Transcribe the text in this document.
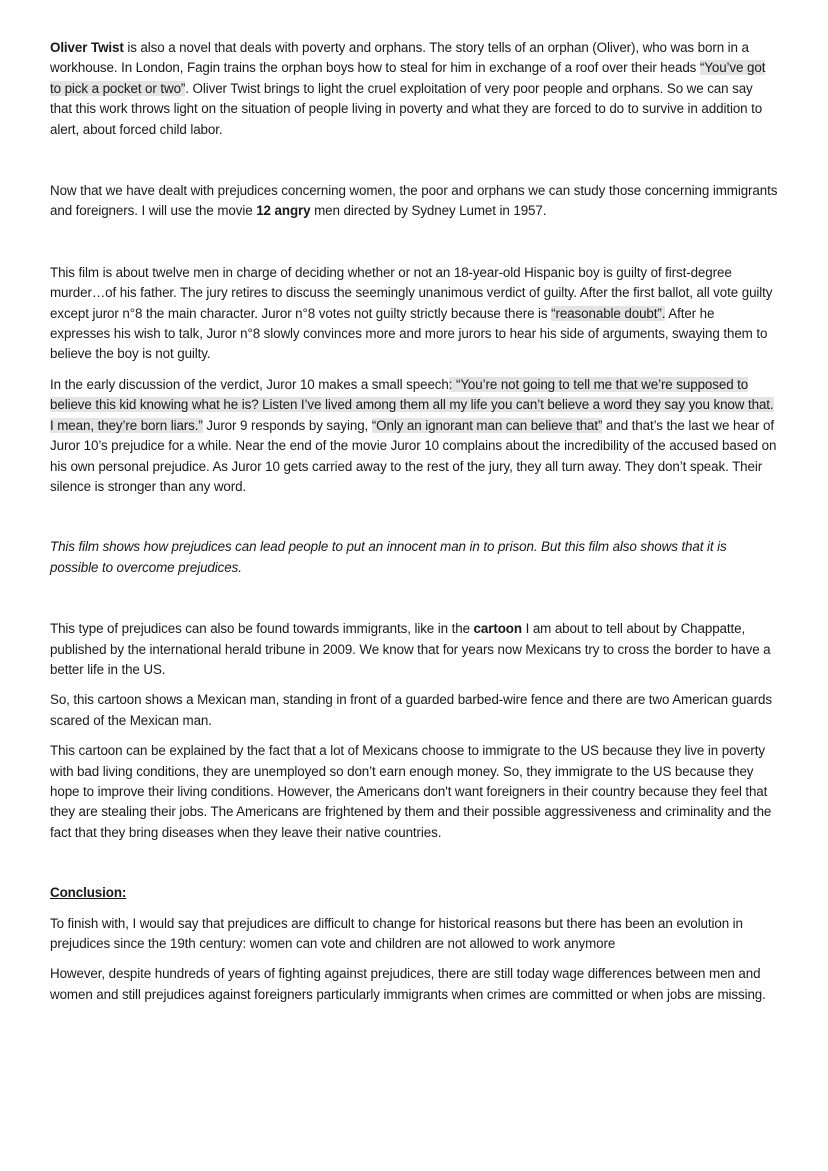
Oliver Twist is also a novel that deals with poverty and orphans. The story tells of an orphan (Oliver), who was born in a workhouse. In London, Fagin trains the orphan boys how to steal for him in exchange of a roof over their heads “You’ve got to pick a pocket or two”. Oliver Twist brings to light the cruel exploitation of very poor people and orphans. So we can say that this work throws light on the situation of people living in poverty and what they are forced to do to survive in addition to alert, about forced child labor.

Now that we have dealt with prejudices concerning women, the poor and orphans we can study those concerning immigrants and foreigners. I will use the movie 12 angry men directed by Sydney Lumet in 1957.

This film is about twelve men in charge of deciding whether or not an 18-year-old Hispanic boy is guilty of first-degree murder…of his father. The jury retires to discuss the seemingly unanimous verdict of guilty. After the first ballot, all vote guilty except juror n°8 the main character. Juror n°8 votes not guilty strictly because there is “reasonable doubt”. After he expresses his wish to talk, Juror n°8 slowly convinces more and more jurors to hear his side of arguments, swaying them to believe the boy is not guilty.

In the early discussion of the verdict, Juror 10 makes a small speech: “You’re not going to tell me that we’re supposed to believe this kid knowing what he is? Listen I’ve lived among them all my life you can’t believe a word they say you know that. I mean, they’re born liars.” Juror 9 responds by saying, “Only an ignorant man can believe that” and that’s the last we hear of Juror 10’s prejudice for a while. Near the end of the movie Juror 10 complains about the incredibility of the accused based on his own personal prejudice. As Juror 10 gets carried away to the rest of the jury, they all turn away. They don’t speak. Their silence is stronger than any word.

This film shows how prejudices can lead people to put an innocent man in to prison. But this film also shows that it is possible to overcome prejudices.

This type of prejudices can also be found towards immigrants, like in the cartoon I am about to tell about by Chappatte, published by the international herald tribune in 2009. We know that for years now Mexicans try to cross the border to have a better life in the US.

So, this cartoon shows a Mexican man, standing in front of a guarded barbed-wire fence and there are two American guards scared of the Mexican man.

This cartoon can be explained by the fact that a lot of Mexicans choose to immigrate to the US because they live in poverty with bad living conditions, they are unemployed so don’t earn enough money. So, they immigrate to the US because they hope to improve their living conditions. However, the Americans don't want foreigners in their country because they feel that they are stealing their jobs. The Americans are frightened by them and their possible aggressiveness and criminality and the fact that they bring diseases when they leave their native countries.

Conclusion:

To finish with, I would say that prejudices are difficult to change for historical reasons but there has been an evolution in prejudices since the 19th century: women can vote and children are not allowed to work anymore

However, despite hundreds of years of fighting against prejudices, there are still today wage differences between men and women and still prejudices against foreigners particularly immigrants when crimes are committed or when jobs are missing.
